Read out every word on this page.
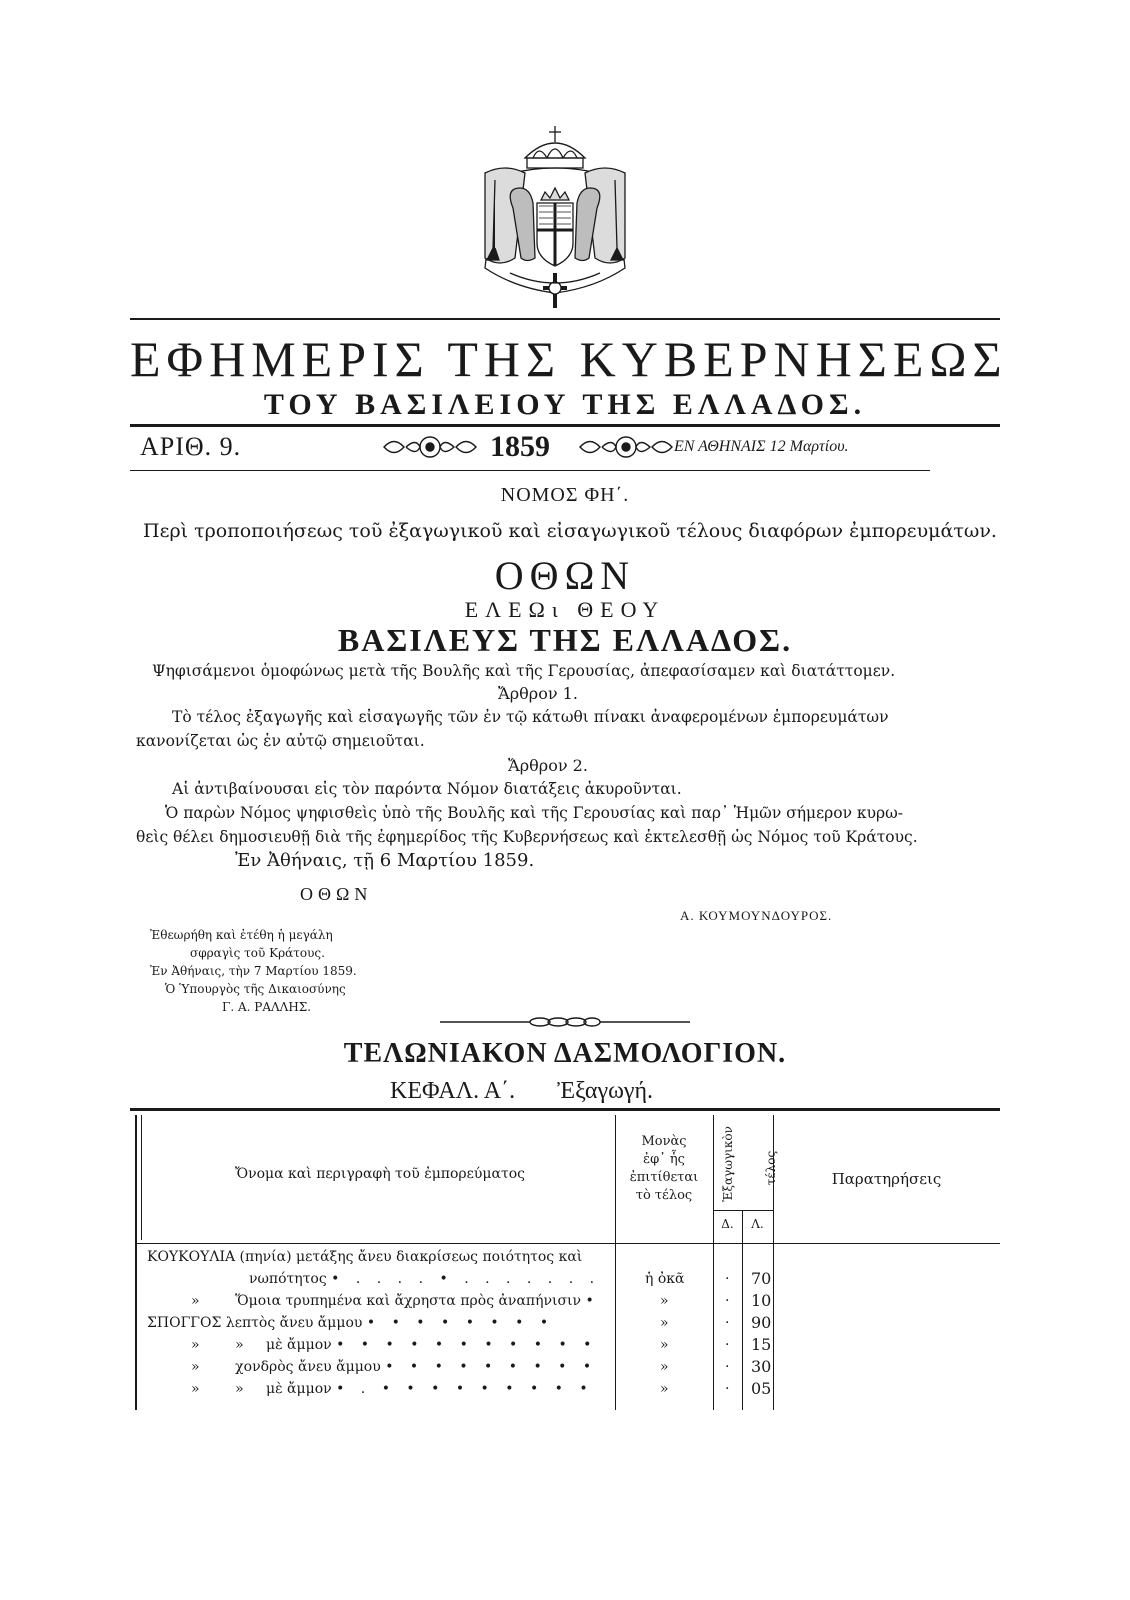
ΕΦΗΜΕΡΙΣ ΤΗΣ ΚΥΒΕΡΝΗΣΕΩΣ
ΤΟΥ ΒΑΣΙΛΕΙΟΥ ΤΗΣ ΕΛΛΑΔΟΣ.
ΑΡΙΘ. 9.	1859	ΕΝ ΑΘΗΝΑΙΣ 12 Μαρτίου.
ΝΟΜΟΣ ΦΗ΄.
Περὶ τροποποιήσεως τοῦ ἐξαγωγικοῦ καὶ εἰσαγωγικοῦ τέλους διαφόρων ἐμπορευμάτων.
ΟΘΩΝ
ΕΛΕΩι ΘΕΟΥ
ΒΑΣΙΛΕΥΣ ΤΗΣ ΕΛΛΑΔΟΣ.
Ψηφισάμενοι ὁμοφώνως μετὰ τῆς Βουλῆς καὶ τῆς Γερουσίας, ἀπεφασίσαμεν καὶ διατάττομεν.
Ἄρθρον 1.
Τὸ τέλος ἐξαγωγῆς καὶ εἰσαγωγῆς τῶν ἐν τῷ κάτωθι πίνακι ἀναφερομένων ἐμπορευμάτων
κανονίζεται ὡς ἐν αὐτῷ σημειοῦται.
Ἄρθρον 2.
Αἱ ἀντιβαίνουσαι εἰς τὸν παρόντα Νόμον διατάξεις ἀκυροῦνται.
Ὁ παρὼν Νόμος ψηφισθεὶς ὑπὸ τῆς Βουλῆς καὶ τῆς Γερουσίας καὶ παρ᾽ Ἡμῶν σήμερον κυρω-
θεὶς θέλει δημοσιευθῇ διὰ τῆς ἐφημερίδος τῆς Κυβερνήσεως καὶ ἐκτελεσθῇ ὡς Νόμος τοῦ Κράτους.
Ἐν Ἀθήναις, τῇ 6 Μαρτίου 1859.
ΟΘΩΝ
Α. ΚΟΥΜΟΥΝΔΟΥΡΟΣ.
Ἐθεωρήθη καὶ ἐτέθη ἡ μεγάλη
σφραγὶς τοῦ Κράτους.
Ἐν Ἀθήναις, τὴν 7 Μαρτίου 1859.
Ὁ Ὑπουργὸς τῆς Δικαιοσύνης
Γ. Α. ΡΑΛΛΗΣ.
ΤΕΛΩΝΙΑΚΟΝ ΔΑΣΜΟΛΟΓΙΟΝ.
ΚΕΦΑΛ. Α΄. Ἐξαγωγή.
Ὄνομα καὶ περιγραφὴ τοῦ ἐμπορεύματος
Μονὰς
ἐφ᾽ ἧς
ἐπιτίθεται
τὸ τέλος	Ἐξαγωγικὸν τέλος
Δ.	Λ.
Παρατηρήσεις
ΚΟΥΚΟΥΛΙΑ (πηνία) μετάξης ἄνευ διακρίσεως ποιότητος καὶ
νωπότητος • . . . . • . . . . . . .	ἡ ὀκᾶ	· 70
»        Ὅμοια τρυπημένα καὶ ἄχρηστα πρὸς ἀναπήνισιν •	»	· 10
ΣΠΟΓΓΟΣ λεπτὸς ἄνευ ἄμμου • • • • • • • •	»	· 90
»        »     μὲ ἄμμον • • • • • • • • • • •	»	· 15
»        χονδρὸς ἄνευ ἄμμου • • • • • • • • •	»	· 30
»        »     μὲ ἄμμον • . • • • • • • • • •	»	· 05
